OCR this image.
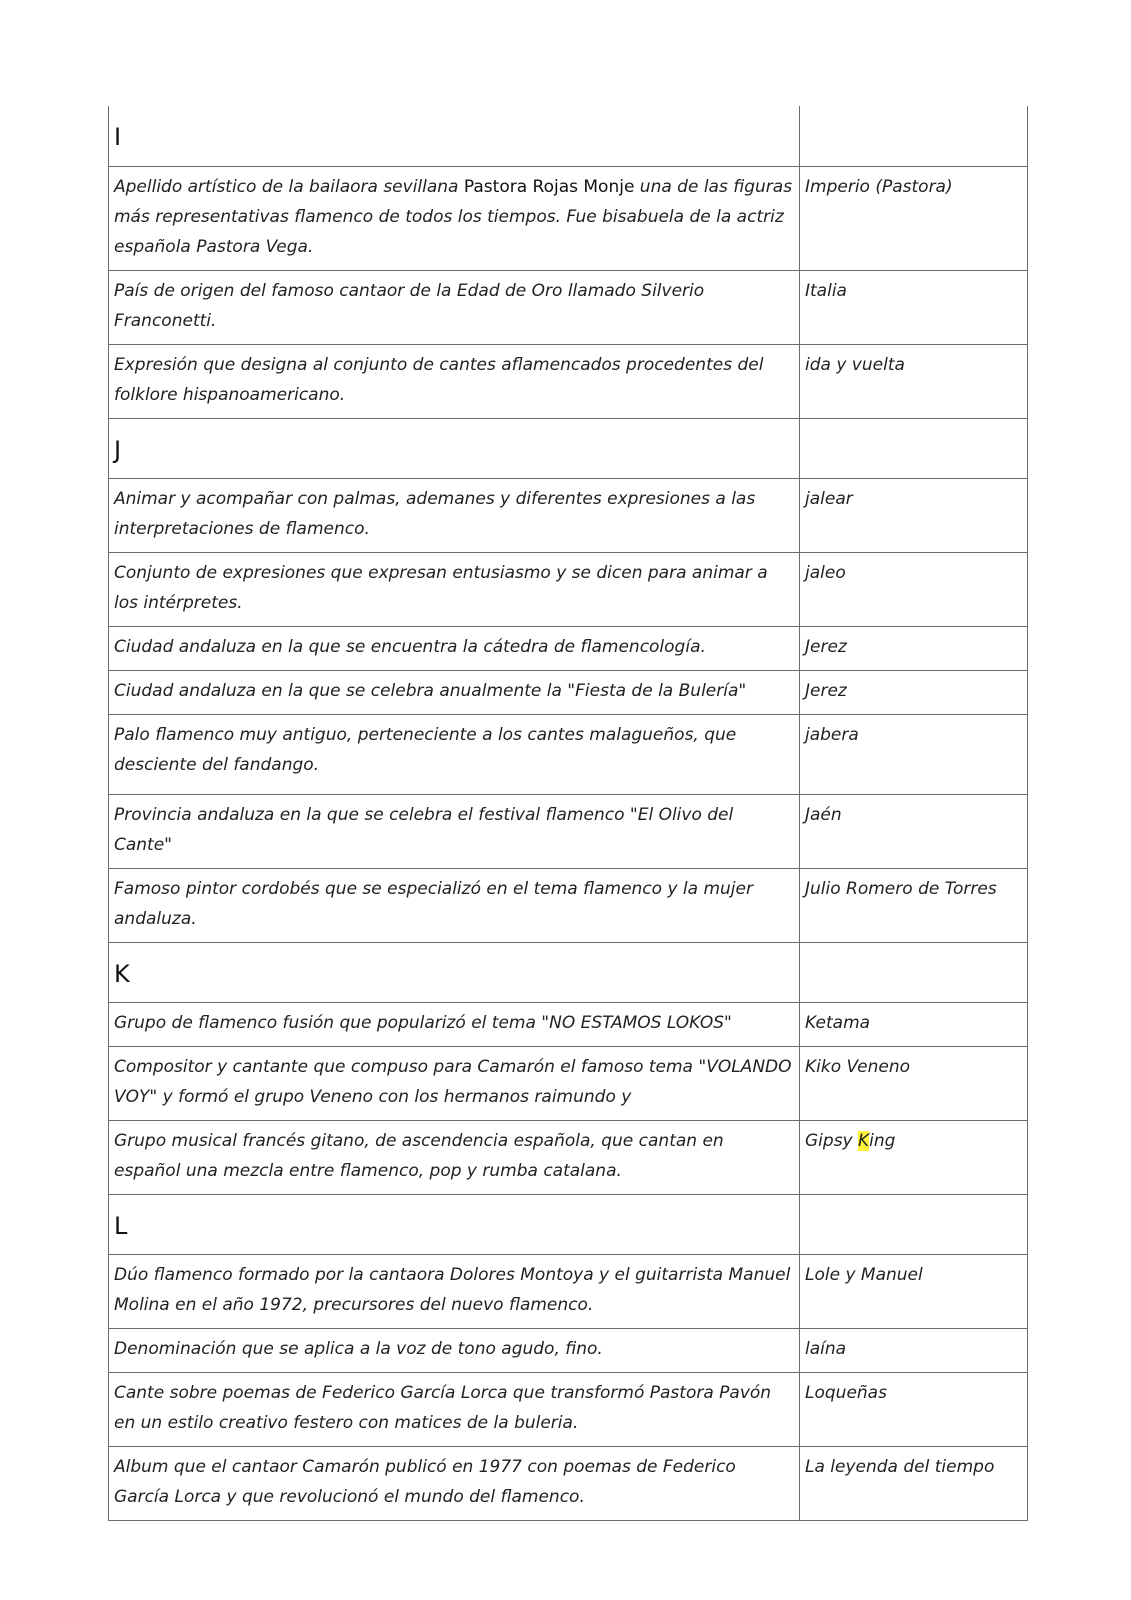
I	
Apellido artístico de la bailaora sevillana Pastora Rojas Monje una de las figuras más representativas flamenco de todos los tiempos. Fue bisabuela de la actriz española Pastora Vega.	Imperio (Pastora)
País de origen del famoso cantaor de la Edad de Oro llamado Silverio Franconetti.	Italia
Expresión que designa al conjunto de cantes aflamencados procedentes del folklore hispanoamericano.	ida y vuelta
J	
Animar y acompañar con palmas, ademanes y diferentes expresiones a las interpretaciones de flamenco.	jalear
Conjunto de expresiones que expresan entusiasmo y se dicen para animar a los intérpretes.	jaleo
Ciudad andaluza en la que se encuentra la cátedra de flamencología.	Jerez
Ciudad andaluza en la que se celebra anualmente la "Fiesta de la Bulería"	Jerez
Palo flamenco muy antiguo, perteneciente a los cantes malagueños, que desciente del fandango.	jabera
Provincia andaluza en la que se celebra el festival flamenco "El Olivo del Cante"	Jaén
Famoso pintor cordobés que se especializó en el tema flamenco y la mujer andaluza.	Julio Romero de Torres
K	
Grupo de flamenco fusión que popularizó el tema "NO ESTAMOS LOKOS"	Ketama
Compositor y cantante que compuso para Camarón el famoso tema "VOLANDO VOY" y formó el grupo Veneno con los hermanos raimundo y	Kiko Veneno
Grupo musical francés gitano, de ascendencia española, que cantan en español una mezcla entre flamenco, pop y rumba catalana.	Gipsy King
L	
Dúo flamenco formado por la cantaora Dolores Montoya y el guitarrista Manuel Molina en el año 1972, precursores del nuevo flamenco.	Lole y Manuel
Denominación que se aplica a la voz de tono agudo, fino.	laína
Cante sobre poemas de Federico García Lorca que transformó Pastora Pavón en un estilo creativo festero con matices de la buleria.	Loqueñas
Album que el cantaor Camarón publicó en 1977 con poemas de Federico García Lorca y que revolucionó el mundo del flamenco.	La leyenda del tiempo
